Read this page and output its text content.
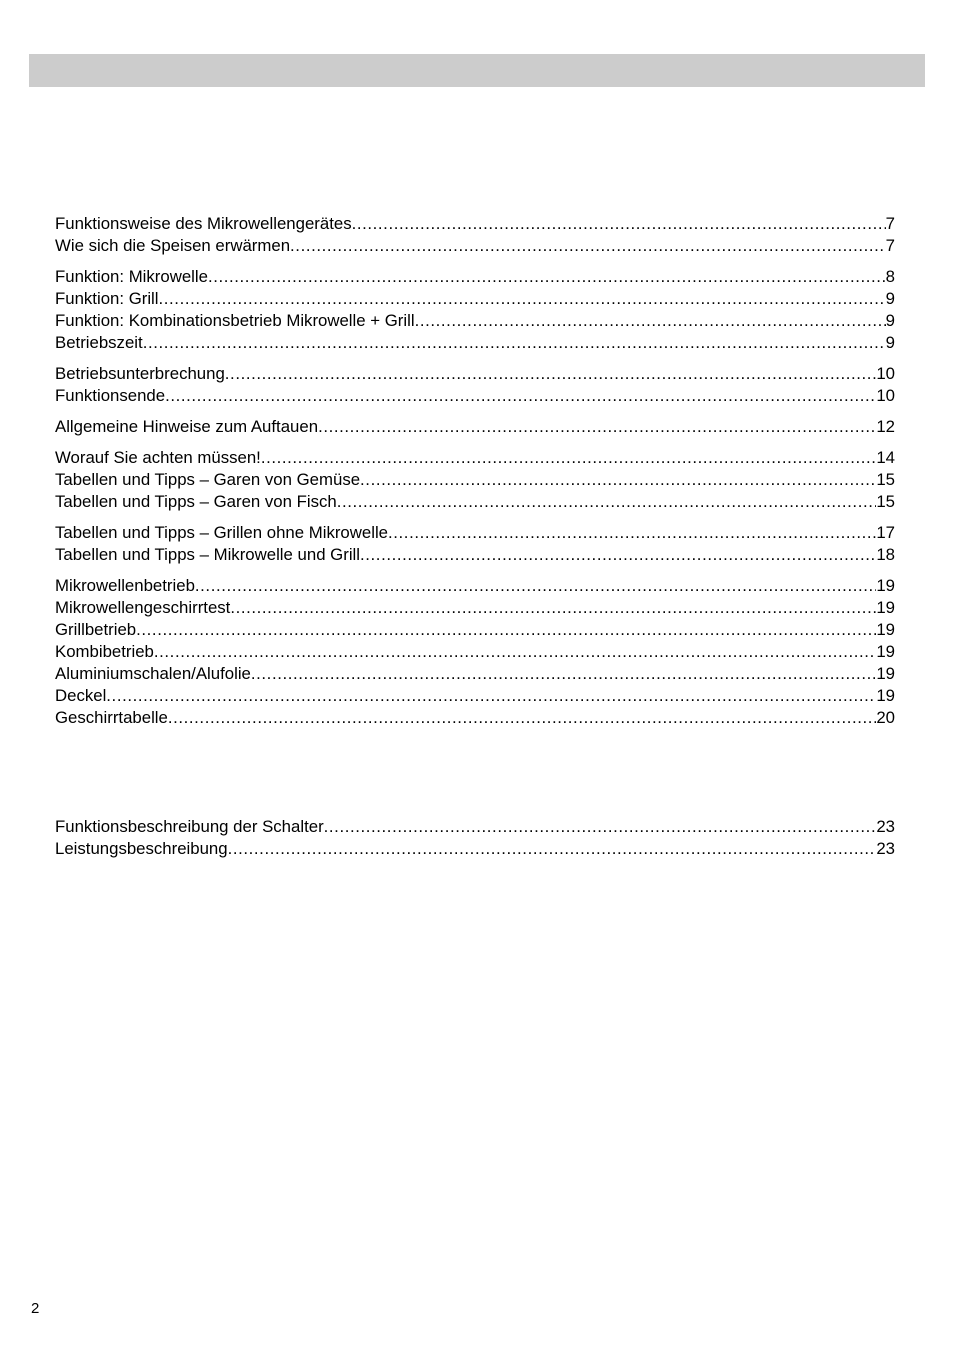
Funktionsweise des Mikrowellengerätes .....	7
Wie sich die Speisen erwärmen .....	7
Funktion: Mikrowelle .....	8
Funktion: Grill .....	9
Funktion: Kombinationsbetrieb Mikrowelle + Grill .....	9
Betriebszeit .....	9
Betriebsunterbrechung .....	10
Funktionsende .....	10
Allgemeine Hinweise zum Auftauen .....	12
Worauf Sie achten müssen! .....	14
Tabellen und Tipps – Garen von Gemüse .....	15
Tabellen und Tipps – Garen von Fisch .....	15
Tabellen und Tipps – Grillen ohne Mikrowelle .....	17
Tabellen und Tipps – Mikrowelle und Grill .....	18
Mikrowellenbetrieb .....	19
Mikrowellengeschirrtest .....	19
Grillbetrieb .....	19
Kombibetrieb .....	19
Aluminiumschalen/Alufolie .....	19
Deckel .....	19
Geschirrtabelle .....	20
Funktionsbeschreibung der Schalter .....	23
Leistungsbeschreibung .....	23
2
